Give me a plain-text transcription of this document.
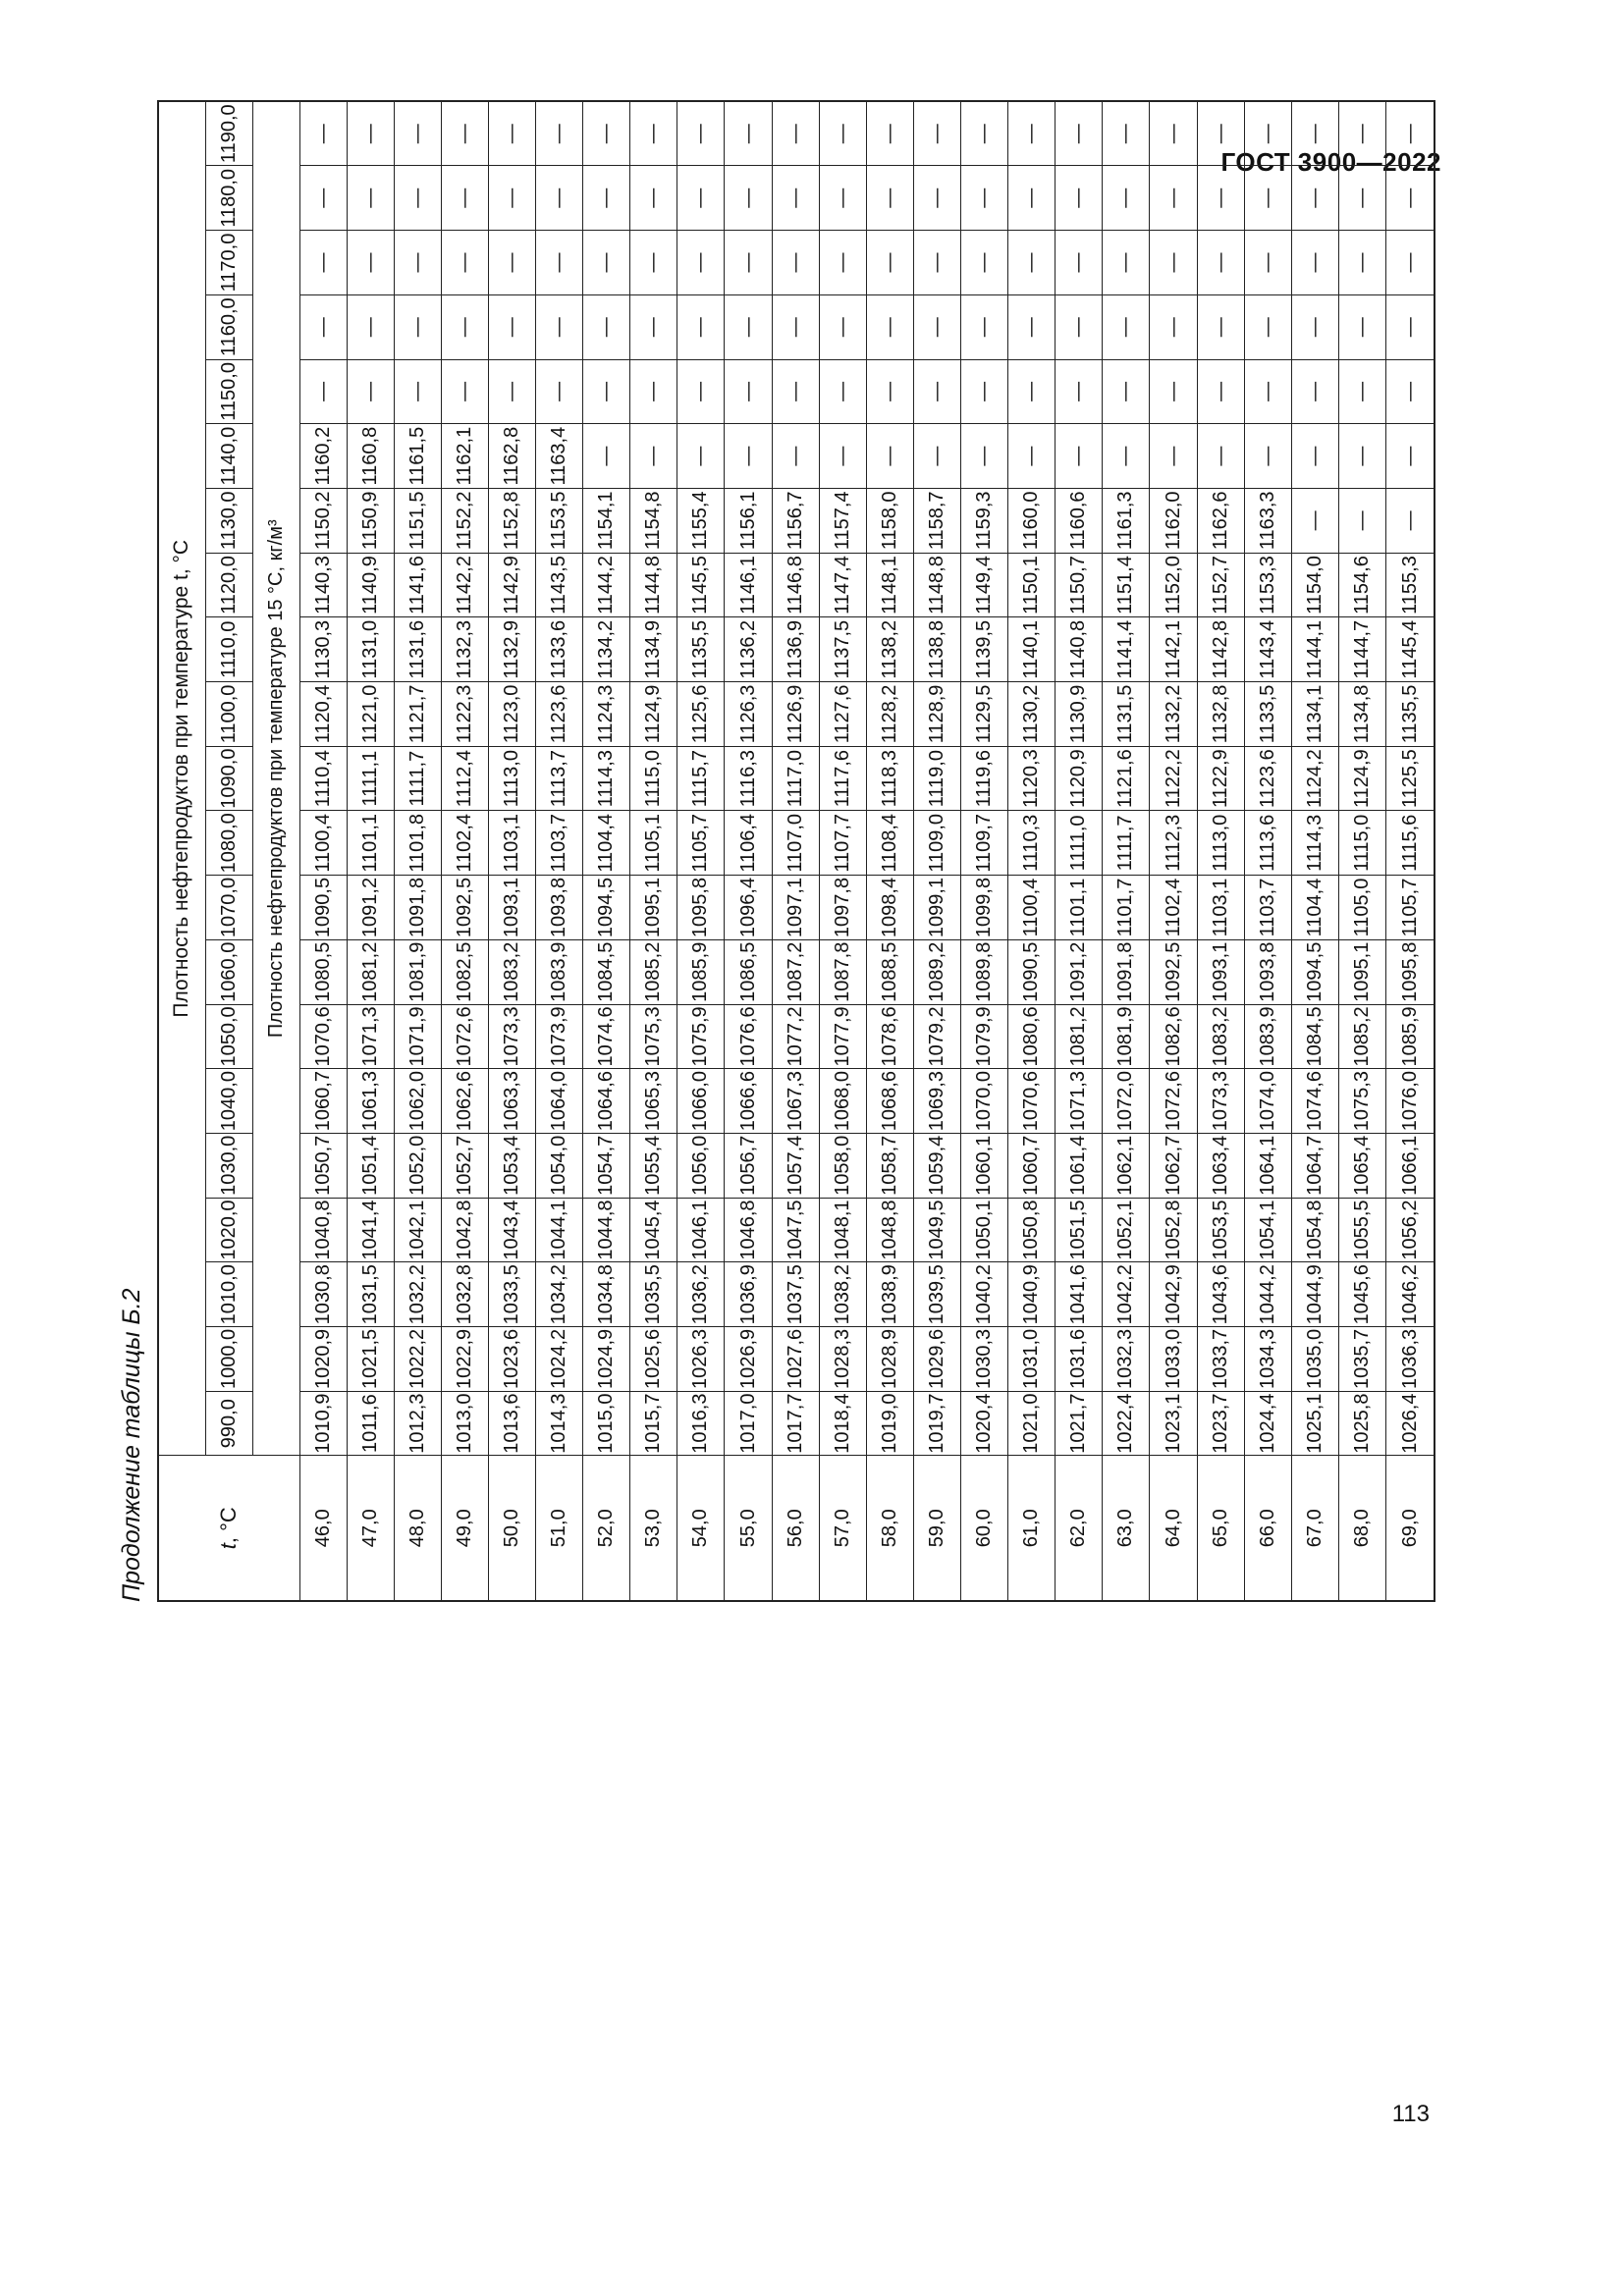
ГОСТ 3900—2022
Продолжение таблицы Б.2	t, °C	Плотность нефтепродуктов при температуре t, °C																				
	990,0	1000,0	1010,0	1020,0	1030,0	1040,0	1050,0	1060,0	1070,0	1080,0	1090,0	1100,0	1110,0	1120,0	1130,0	1140,0	1150,0	1160,0	1170,0	1180,0	1190,0
	Плотность нефтепродуктов при температуре 15 °C, кг/м³																				
46,0	1010,9	1020,9	1030,8	1040,8	1050,7	1060,7	1070,6	1080,5	1090,5	1100,4	1110,4	1120,4	1130,3	1140,3	1150,2	1160,2	—	—	—	—	—
47,0	1011,6	1021,5	1031,5	1041,4	1051,4	1061,3	1071,3	1081,2	1091,2	1101,1	1111,1	1121,0	1131,0	1140,9	1150,9	1160,8	—	—	—	—	—
48,0	1012,3	1022,2	1032,2	1042,1	1052,0	1062,0	1071,9	1081,9	1091,8	1101,8	1111,7	1121,7	1131,6	1141,6	1151,5	1161,5	—	—	—	—	—
49,0	1013,0	1022,9	1032,8	1042,8	1052,7	1062,6	1072,6	1082,5	1092,5	1102,4	1112,4	1122,3	1132,3	1142,2	1152,2	1162,1	—	—	—	—	—
50,0	1013,6	1023,6	1033,5	1043,4	1053,4	1063,3	1073,3	1083,2	1093,1	1103,1	1113,0	1123,0	1132,9	1142,9	1152,8	1162,8	—	—	—	—	—
51,0	1014,3	1024,2	1034,2	1044,1	1054,0	1064,0	1073,9	1083,9	1093,8	1103,7	1113,7	1123,6	1133,6	1143,5	1153,5	1163,4	—	—	—	—	—
52,0	1015,0	1024,9	1034,8	1044,8	1054,7	1064,6	1074,6	1084,5	1094,5	1104,4	1114,3	1124,3	1134,2	1144,2	1154,1	—	—	—	—	—	—
53,0	1015,7	1025,6	1035,5	1045,4	1055,4	1065,3	1075,3	1085,2	1095,1	1105,1	1115,0	1124,9	1134,9	1144,8	1154,8	—	—	—	—	—	—
54,0	1016,3	1026,3	1036,2	1046,1	1056,0	1066,0	1075,9	1085,9	1095,8	1105,7	1115,7	1125,6	1135,5	1145,5	1155,4	—	—	—	—	—	—
55,0	1017,0	1026,9	1036,9	1046,8	1056,7	1066,6	1076,6	1086,5	1096,4	1106,4	1116,3	1126,3	1136,2	1146,1	1156,1	—	—	—	—	—	—
56,0	1017,7	1027,6	1037,5	1047,5	1057,4	1067,3	1077,2	1087,2	1097,1	1107,0	1117,0	1126,9	1136,9	1146,8	1156,7	—	—	—	—	—	—
57,0	1018,4	1028,3	1038,2	1048,1	1058,0	1068,0	1077,9	1087,8	1097,8	1107,7	1117,6	1127,6	1137,5	1147,4	1157,4	—	—	—	—	—	—
58,0	1019,0	1028,9	1038,9	1048,8	1058,7	1068,6	1078,6	1088,5	1098,4	1108,4	1118,3	1128,2	1138,2	1148,1	1158,0	—	—	—	—	—	—
59,0	1019,7	1029,6	1039,5	1049,5	1059,4	1069,3	1079,2	1089,2	1099,1	1109,0	1119,0	1128,9	1138,8	1148,8	1158,7	—	—	—	—	—	—
60,0	1020,4	1030,3	1040,2	1050,1	1060,1	1070,0	1079,9	1089,8	1099,8	1109,7	1119,6	1129,5	1139,5	1149,4	1159,3	—	—	—	—	—	—
61,0	1021,0	1031,0	1040,9	1050,8	1060,7	1070,6	1080,6	1090,5	1100,4	1110,3	1120,3	1130,2	1140,1	1150,1	1160,0	—	—	—	—	—	—
62,0	1021,7	1031,6	1041,6	1051,5	1061,4	1071,3	1081,2	1091,2	1101,1	1111,0	1120,9	1130,9	1140,8	1150,7	1160,6	—	—	—	—	—	—
63,0	1022,4	1032,3	1042,2	1052,1	1062,1	1072,0	1081,9	1091,8	1101,7	1111,7	1121,6	1131,5	1141,4	1151,4	1161,3	—	—	—	—	—	—
64,0	1023,1	1033,0	1042,9	1052,8	1062,7	1072,6	1082,6	1092,5	1102,4	1112,3	1122,2	1132,2	1142,1	1152,0	1162,0	—	—	—	—	—	—
65,0	1023,7	1033,7	1043,6	1053,5	1063,4	1073,3	1083,2	1093,1	1103,1	1113,0	1122,9	1132,8	1142,8	1152,7	1162,6	—	—	—	—	—	—
66,0	1024,4	1034,3	1044,2	1054,1	1064,1	1074,0	1083,9	1093,8	1103,7	1113,6	1123,6	1133,5	1143,4	1153,3	1163,3	—	—	—	—	—	—
67,0	1025,1	1035,0	1044,9	1054,8	1064,7	1074,6	1084,5	1094,5	1104,4	1114,3	1124,2	1134,1	1144,1	1154,0	—	—	—	—	—	—	—
68,0	1025,8	1035,7	1045,6	1055,5	1065,4	1075,3	1085,2	1095,1	1105,0	1115,0	1124,9	1134,8	1144,7	1154,6	—	—	—	—	—	—	—
69,0	1026,4	1036,3	1046,2	1056,2	1066,1	1076,0	1085,9	1095,8	1105,7	1115,6	1125,5	1135,5	1145,4	1155,3	—	—	—	—	—	—	—
113
